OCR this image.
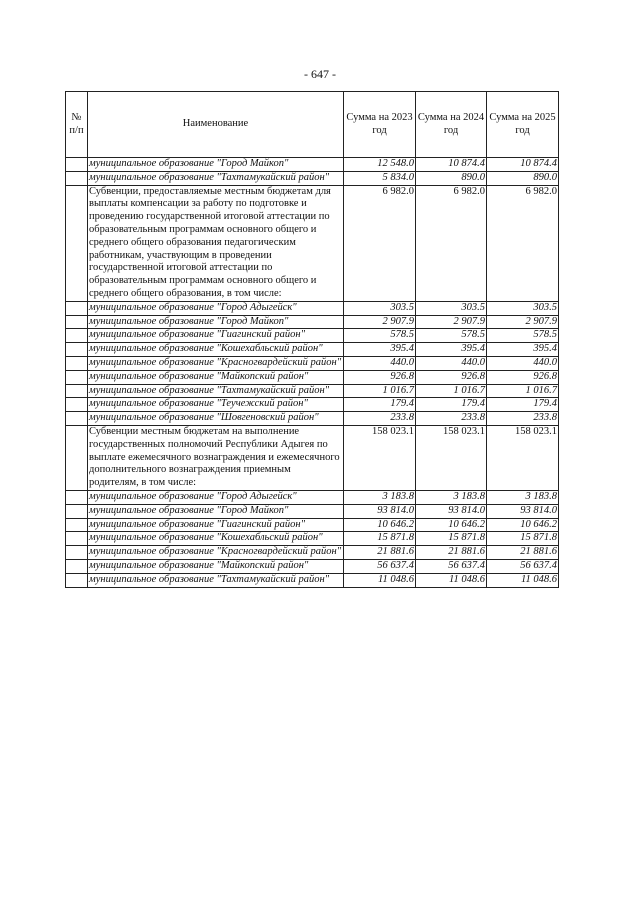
- 647 -
№ п/п	Наименование	Сумма на 2023 год	Сумма на 2024 год	Сумма на 2025 год
	муниципальное образование "Город Майкоп"	12 548.0	10 874.4	10 874.4
	муниципальное образование "Тахтамукайский район"	5 834.0	890.0	890.0
	Субвенции, предоставляемые местным бюджетам для выплаты компенсации за работу по подготовке и проведению государственной итоговой аттестации по образовательным программам основного общего и среднего общего образования педагогическим работникам, участвующим в проведении государственной итоговой аттестации по образовательным программам основного общего и среднего общего образования, в том числе:	6 982.0	6 982.0	6 982.0
	муниципальное образование "Город Адыгейск"	303.5	303.5	303.5
	муниципальное образование "Город Майкоп"	2 907.9	2 907.9	2 907.9
	муниципальное образование "Гиагинский район"	578.5	578.5	578.5
	муниципальное образование "Кошехабльский район"	395.4	395.4	395.4
	муниципальное образование "Красногвардейский район"	440.0	440.0	440.0
	муниципальное образование "Майкопский район"	926.8	926.8	926.8
	муниципальное образование "Тахтамукайский район"	1 016.7	1 016.7	1 016.7
	муниципальное образование "Теучежский район"	179.4	179.4	179.4
	муниципальное образование "Шовгеновский район"	233.8	233.8	233.8
	Субвенции местным бюджетам на выполнение государственных полномочий Республики Адыгея по выплате ежемесячного вознаграждения и ежемесячного дополнительного вознаграждения приемным родителям, в том числе:	158 023.1	158 023.1	158 023.1
	муниципальное образование "Город Адыгейск"	3 183.8	3 183.8	3 183.8
	муниципальное образование "Город Майкоп"	93 814.0	93 814.0	93 814.0
	муниципальное образование "Гиагинский район"	10 646.2	10 646.2	10 646.2
	муниципальное образование "Кошехабльский район"	15 871.8	15 871.8	15 871.8
	муниципальное образование "Красногвардейский район"	21 881.6	21 881.6	21 881.6
	муниципальное образование "Майкопский район"	56 637.4	56 637.4	56 637.4
	муниципальное образование "Тахтамукайский район"	11 048.6	11 048.6	11 048.6
